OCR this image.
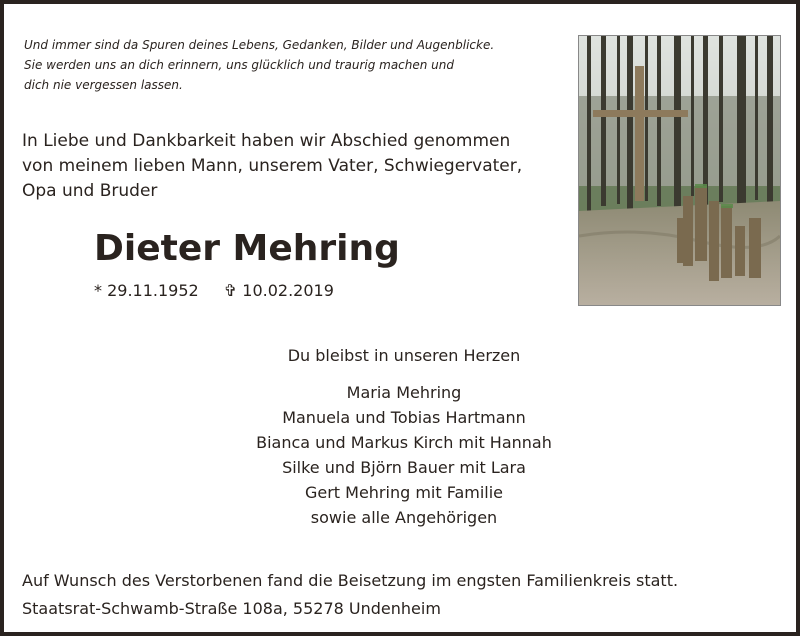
Und immer sind da Spuren deines Lebens, Gedanken, Bilder und Augenblicke.
Sie werden uns an dich erinnern, uns glücklich und traurig machen und
dich nie vergessen lassen.
In Liebe und Dankbarkeit haben wir Abschied genommen
von meinem lieben Mann, unserem Vater, Schwiegervater,
Opa und Bruder
Dieter Mehring
* 29.11.1952 ✞ 10.02.2019
Du bleibst in unseren Herzen
Maria Mehring
Manuela und Tobias Hartmann
Bianca und Markus Kirch mit Hannah
Silke und Björn Bauer mit Lara
Gert Mehring mit Familie
sowie alle Angehörigen
Auf Wunsch des Verstorbenen fand die Beisetzung im engsten Familienkreis statt.
Staatsrat-Schwamb-Straße 108a, 55278 Undenheim
